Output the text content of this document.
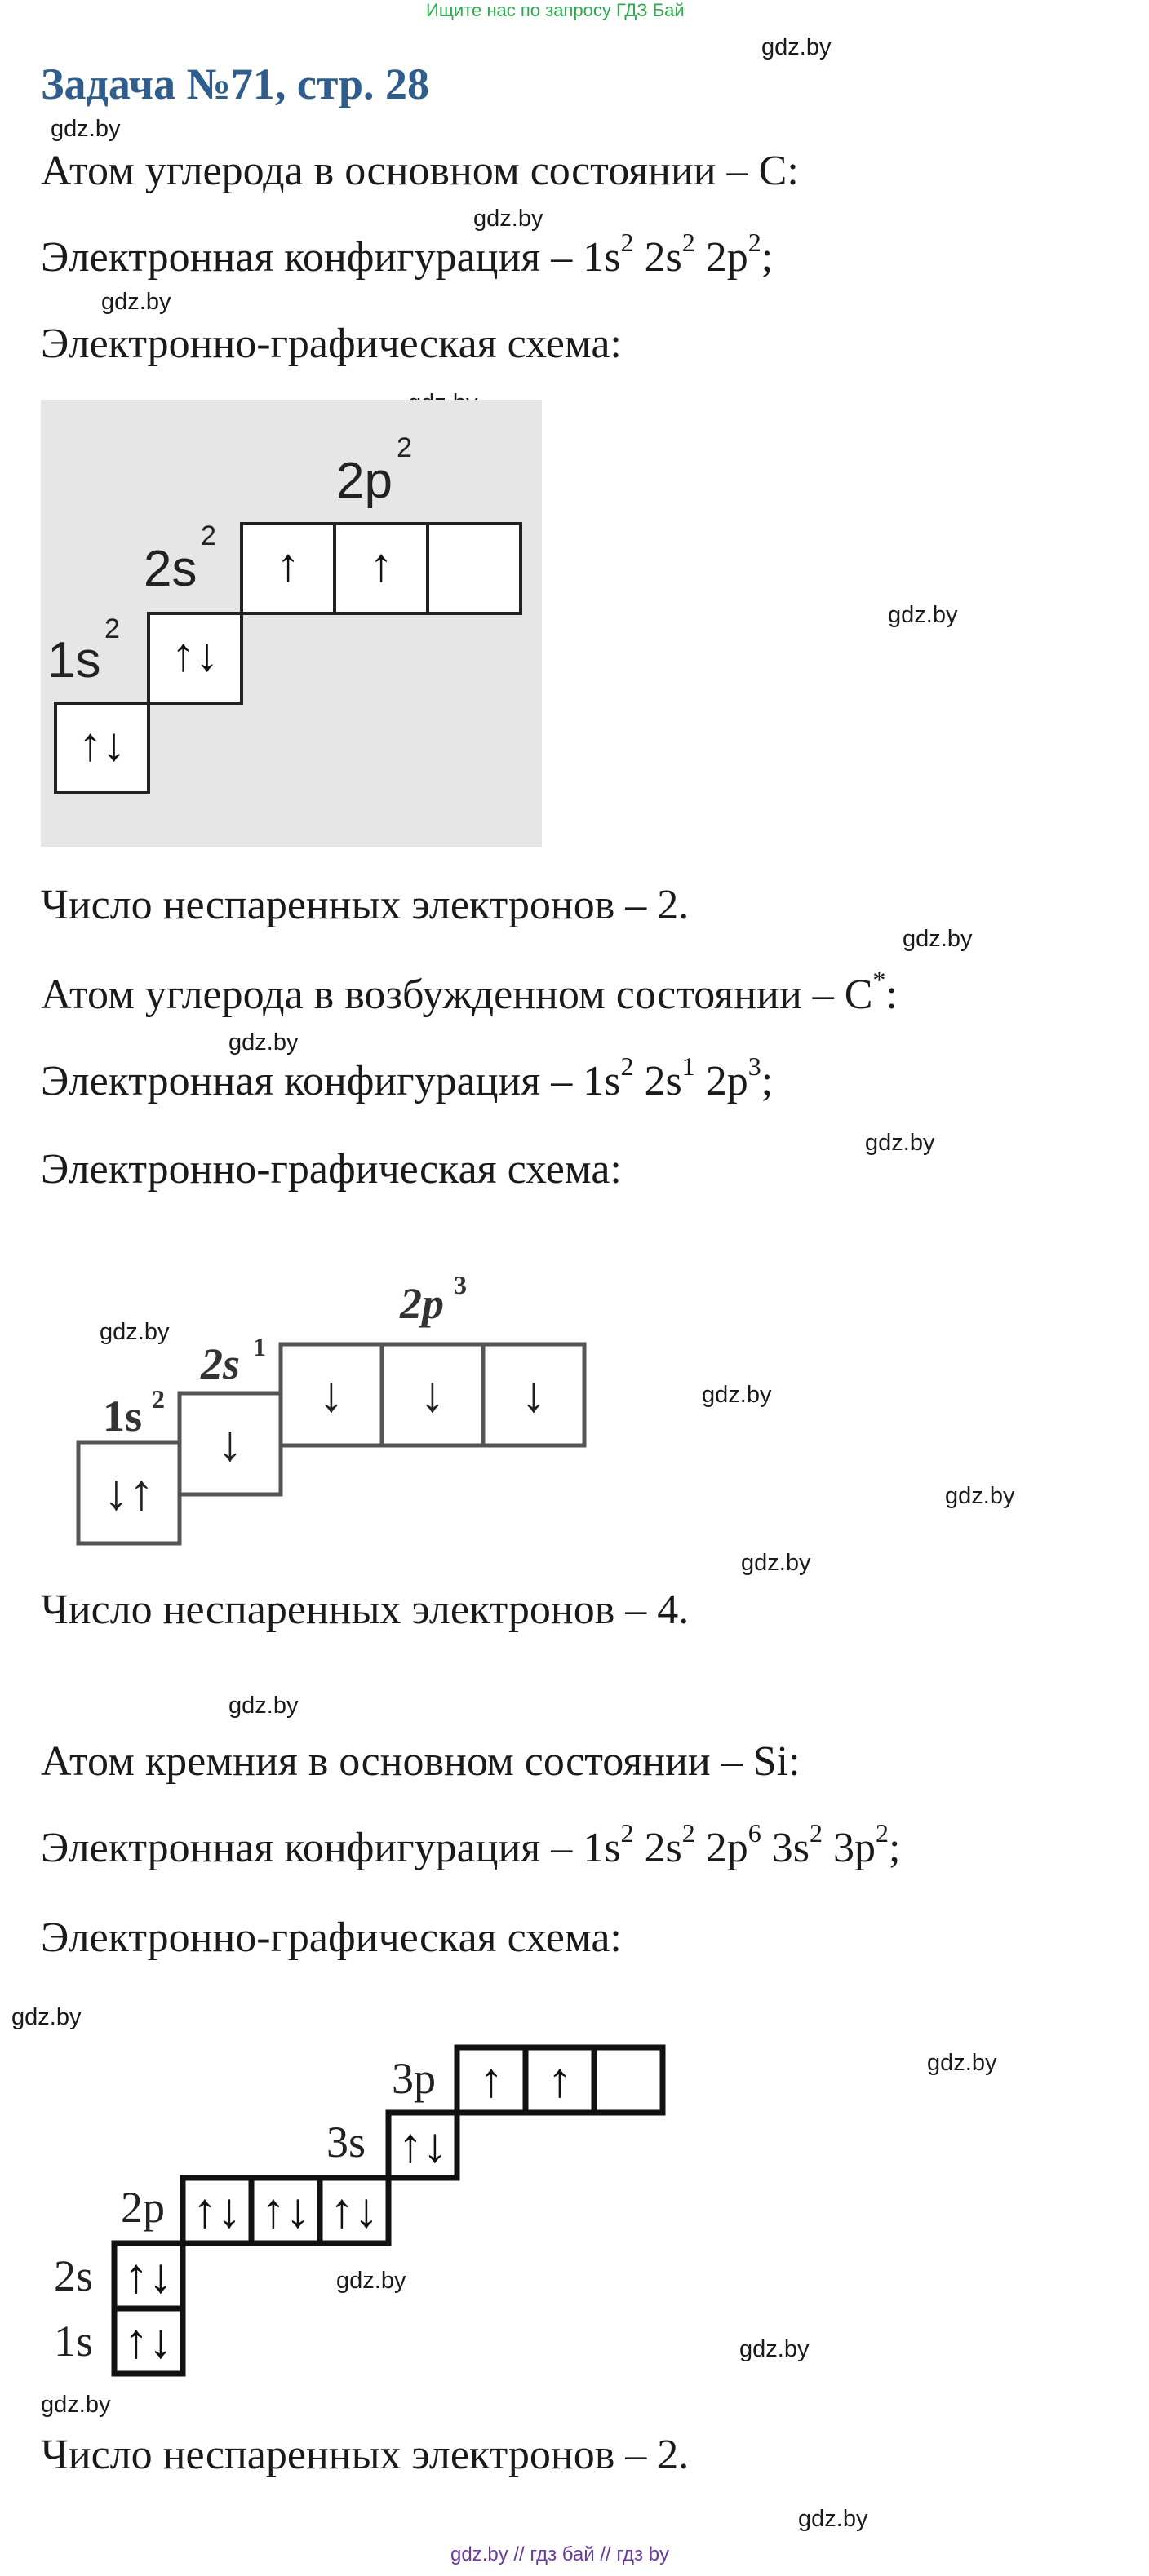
Ищите нас по запросу ГДЗ Бай
Задача №71, стр. 28
gdz.by
gdz.by
gdz.by
gdz.by
gdz.by
gdz.by
gdz.by
gdz.by
gdz.by
gdz.by
gdz.by
gdz.by
gdz.by
gdz.by
gdz.by
gdz.by
gdz.by
gdz.by
gdz.by
Атом углерода в основном состоянии – С:
Электронная конфигурация – $1s^2$ $2s^2$ $2p^2$;
Электронно-графическая схема:
↑↓
↑↓
↑ ↑
1s
2
2s
2
2p
2
Число неспаренных электронов – 2.
Атом углерода в возбужденном состоянии – С*:
Электронная конфигурация – $1s^2$ $2s^1$ $2p^3$;
Электронно-графическая схема:
↓↑
↓
↓ ↓ ↓
1s 2
2s 1
2p 3
Число неспаренных электронов – 4.
Атом кремния в основном состоянии – Si:
Электронная конфигурация – $1s^2$ $2s^2$ $2p^6$ $3s^2$ $3p^2$;
Электронно-графическая схема:
↑↓
↑↓
↑↓ ↑↓ ↑↓
↑↓
↑ ↑
1s
2s
2p
3s
3p
Число неспаренных электронов – 2.
gdz.by // гдз бай // гдз by
